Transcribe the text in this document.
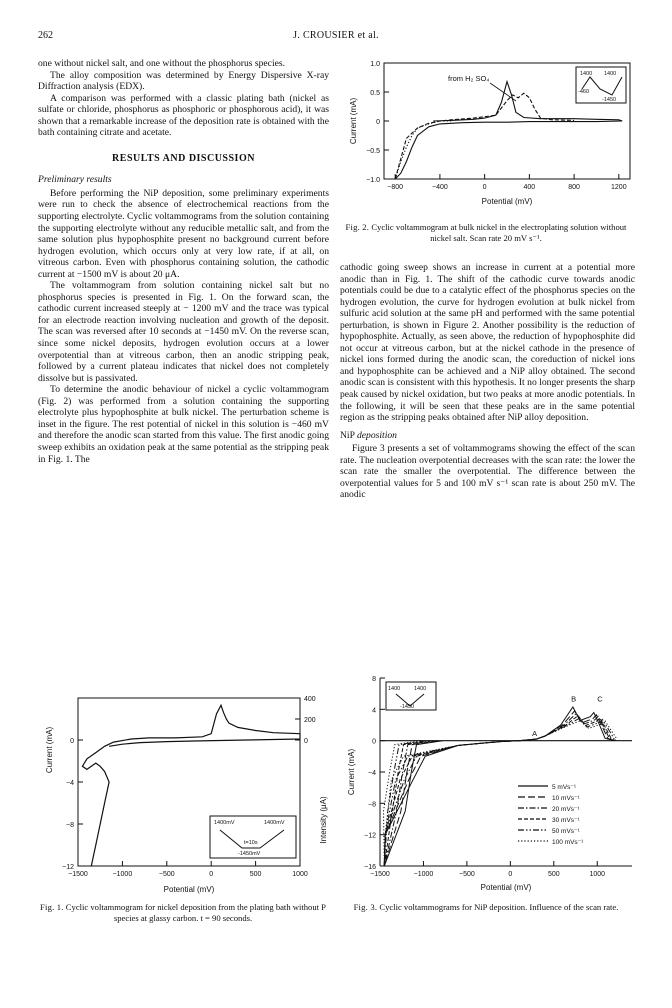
262	J. CROUSIER et al.

one without nickel salt, and one without the phosphorus species.

The alloy composition was determined by Energy Dispersive X-ray Diffraction analysis (EDX).

A comparison was performed with a classic plating bath (nickel as sulfate or chloride, phosphorus as phosphoric or phosphorous acid), it was shown that a remarkable increase of the deposition rate is obtained with the bath containing citrate and acetate.

RESULTS AND DISCUSSION
Preliminary results

Before performing the NiP deposition, some preliminary experiments were run to check the absence of electrochemical reactions from the supporting electrolyte. Cyclic voltammograms from the solution containing the supporting electrolyte without any reducible metallic salt, and from the same solution plus hypophosphite present no background current before hydrogen evolution, which occurs only at very low rate, if at all, on vitreous carbon. Even with phosphorus containing solution, the cathodic current at −1500 mV is about 20 μA.

The voltammogram from solution containing nickel salt but no phosphorus species is presented in Fig. 1. On the forward scan, the cathodic current increased steeply at − 1200 mV and the trace was typical for an electrode reaction involving nucleation and growth of the deposit. The scan was reversed after 10 seconds at −1450 mV. On the reverse scan, since some nickel deposits, hydrogen evolution occurs at a lower overpotential than at vitreous carbon, then an anodic stripping peak, followed by a current plateau indicates that nickel does not completely dissolve but is passivated.

To determine the anodic behaviour of nickel a cyclic voltammogram (Fig. 2) was performed from a solution containing the supporting electrolyte plus hypophosphite at bulk nickel. The perturbation scheme is inset in the figure. The rest potential of nickel in this solution is −460 mV and therefore the anodic scan started from this value. The first anodic going sweep exhibits an oxidation peak at the same potential as the stripping peak in Fig. 1. The

cathodic going sweep shows an increase in current at a potential more anodic than in Fig. 1. The shift of the cathodic curve towards anodic potentials could be due to a catalytic effect of the phosphorus species on the hydrogen evolution, the curve for hydrogen evolution at bulk nickel from sulfuric acid solution at the same pH and performed with the same potential perturbation, is shown in Figure 2. Another possibility is the reduction of hypophosphite. Actually, as seen above, the reduction of hypophosphite did not occur at vitreous carbon, but at the nickel cathode in the presence of nickel ions formed during the anodic scan, the coreduction of nickel ions and hypophosphite can be achieved and a NiP alloy obtained. The second anodic scan is consistent with this hypothesis. It no longer presents the sharp peak caused by nickel oxidation, but two peaks at more anodic potentials. In the following, it will be seen that these peaks are in the same potential region as the stripping peaks obtained after NiP alloy deposition.

NiP deposition

Figure 3 presents a set of voltammograms showing the effect of the scan rate. The nucleation overpotential decreases with the scan rate: the lower the scan rate the smaller the overpotential. The difference between the overpotential values for 5 and 100 mV s⁻¹ scan rate is about 250 mV. The anodic

−800	−400	0	400	800	1200
−1.0
−0.5
0
0.5
1.0
Potential (mV)
Current (mA)
from H₂ SO₄	1400 1400
-460
-1450
Fig. 2. Cyclic voltammogram at bulk nickel in the electroplating solution without nickel salt. Scan rate 20 mV s⁻¹.
−1500	−1000	−500	0	500	1000
−12
−8
−4
0	0
200
400
Potential (mV)
Current (mA)
Intensity (μA)
1400mV	1400mV
t=10s
-1450mV
Fig. 1. Cyclic voltammogram for nickel deposition from the plating bath without P species at glassy carbon. t = 90 seconds.
−1500	−1000	−500	0	500	1000
−16
−12
−8
−4
0
4
8
Potential (mV)
Current (mA)
A
B	C
5 mVs⁻¹
10 mVs⁻¹
20 mVs⁻¹
30 mVs⁻¹
50 mVs⁻¹
100 mVs⁻¹
1400	1400
-1450
Fig. 3. Cyclic voltammograms for NiP deposition. Influence of the scan rate.
